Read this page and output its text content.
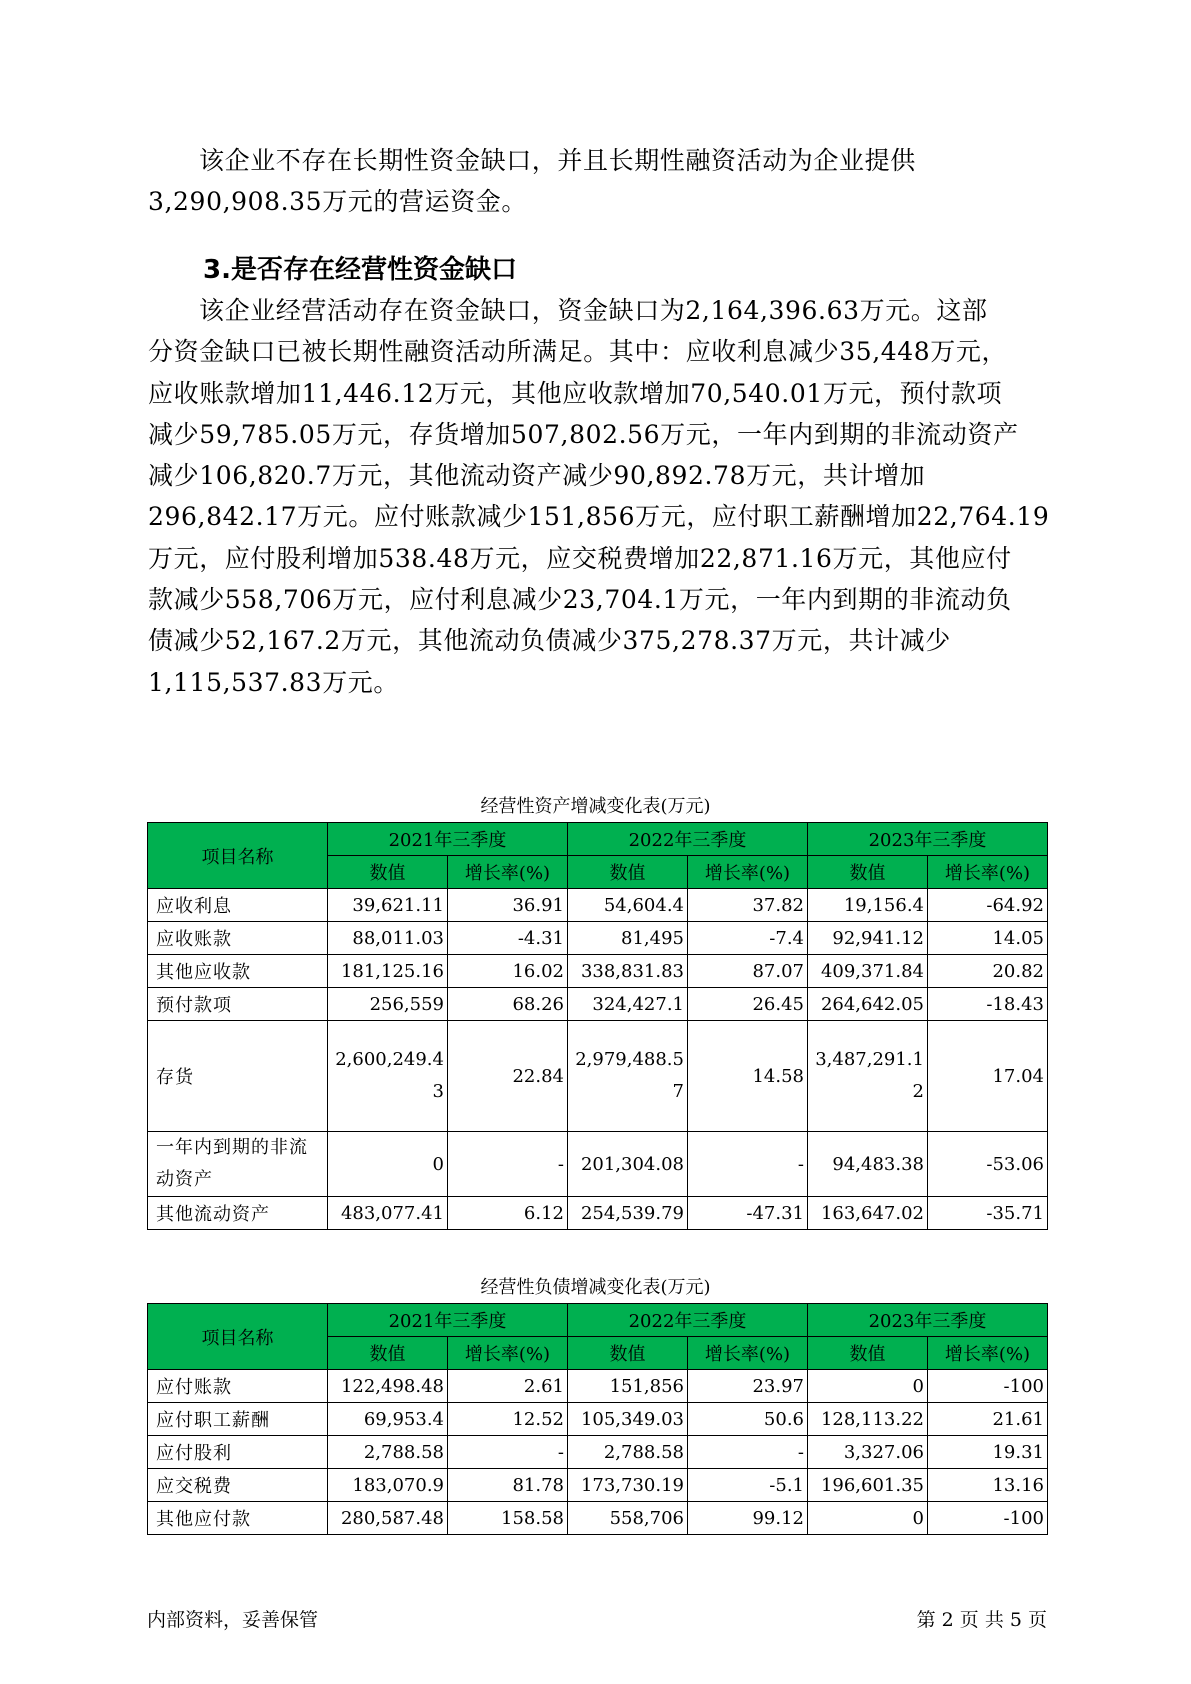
该企业不存在长期性资金缺口，并且长期性融资活动为企业提供
3,290,908.35万元的营运资金。
3.是否存在经营性资金缺口
该企业经营活动存在资金缺口，资金缺口为2,164,396.63万元。这部
分资金缺口已被长期性融资活动所满足。其中：应收利息减少35,448万元，
应收账款增加11,446.12万元，其他应收款增加70,540.01万元，预付款项
减少59,785.05万元，存货增加507,802.56万元，一年内到期的非流动资产
减少106,820.7万元，其他流动资产减少90,892.78万元，共计增加
296,842.17万元。应付账款减少151,856万元，应付职工薪酬增加22,764.19
万元，应付股利增加538.48万元，应交税费增加22,871.16万元，其他应付
款减少558,706万元，应付利息减少23,704.1万元，一年内到期的非流动负
债减少52,167.2万元，其他流动负债减少375,278.37万元，共计减少
1,115,537.83万元。
经营性资产增减变化表(万元)
项目名称	2021年三季度		2022年三季度		2023年三季度	
	数值	增长率(%)	数值	增长率(%)	数值	增长率(%)
应收利息	39,621.11	36.91	54,604.4	37.82	19,156.4	-64.92
应收账款	88,011.03	-4.31	81,495	-7.4	92,941.12	14.05
其他应收款	181,125.16	16.02	338,831.83	87.07	409,371.84	20.82
预付款项	256,559	68.26	324,427.1	26.45	264,642.05	-18.43
存货	2,600,249.43	22.84	2,979,488.57	14.58	3,487,291.12	17.04
一年内到期的非流动资产	0	-	201,304.08	-	94,483.38	-53.06
其他流动资产	483,077.41	6.12	254,539.79	-47.31	163,647.02	-35.71
经营性负债增减变化表(万元)
项目名称	2021年三季度		2022年三季度		2023年三季度	
	数值	增长率(%)	数值	增长率(%)	数值	增长率(%)
应付账款	122,498.48	2.61	151,856	23.97	0	-100
应付职工薪酬	69,953.4	12.52	105,349.03	50.6	128,113.22	21.61
应付股利	2,788.58	-	2,788.58	-	3,327.06	19.31
应交税费	183,070.9	81.78	173,730.19	-5.1	196,601.35	13.16
其他应付款	280,587.48	158.58	558,706	99.12	0	-100
内部资料，妥善保管	第 2 页 共 5 页
